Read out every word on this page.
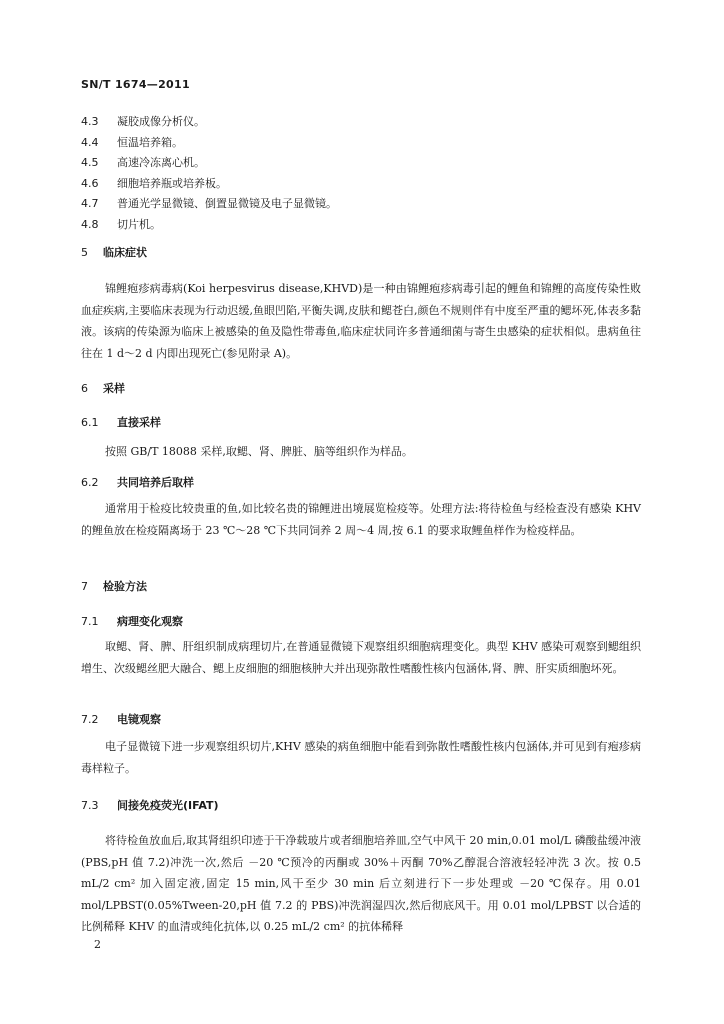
SN/T 1674—2011
4.3 凝胶成像分析仪。
4.4 恒温培养箱。
4.5 高速冷冻离心机。
4.6 细胞培养瓶或培养板。
4.7 普通光学显微镜、倒置显微镜及电子显微镜。
4.8 切片机。
5 临床症状
锦鲤疱疹病毒病(Koi herpesvirus disease,KHVD)是一种由锦鲤疱疹病毒引起的鲤鱼和锦鲤的高度传染性败血症疾病,主要临床表现为行动迟缓,鱼眼凹陷,平衡失调,皮肤和鳃苍白,颜色不规则伴有中度至严重的鳃坏死,体表多黏液。该病的传染源为临床上被感染的鱼及隐性带毒鱼,临床症状同许多普通细菌与寄生虫感染的症状相似。患病鱼往往在 1 d～2 d 内即出现死亡(参见附录 A)。
6 采样
6.1 直接采样
按照 GB/T 18088 采样,取鳃、肾、脾脏、脑等组织作为样品。
6.2 共同培养后取样
通常用于检疫比较贵重的鱼,如比较名贵的锦鲤进出境展览检疫等。处理方法:将待检鱼与经检查没有感染 KHV 的鲤鱼放在检疫隔离场于 23 ℃～28 ℃下共同饲养 2 周～4 周,按 6.1 的要求取鲤鱼样作为检疫样品。
7 检验方法
7.1 病理变化观察
取鳃、肾、脾、肝组织制成病理切片,在普通显微镜下观察组织细胞病理变化。典型 KHV 感染可观察到鳃组织增生、次级鳃丝肥大融合、鳃上皮细胞的细胞核肿大并出现弥散性嗜酸性核内包涵体,肾、脾、肝实质细胞坏死。
7.2 电镜观察
电子显微镜下进一步观察组织切片,KHV 感染的病鱼细胞中能看到弥散性嗜酸性核内包涵体,并可见到有疱疹病毒样粒子。
7.3 间接免疫荧光(IFAT)
将待检鱼放血后,取其肾组织印迹于干净载玻片或者细胞培养皿,空气中风干 20 min,0.01 mol/L 磷酸盐缓冲液(PBS,pH 值 7.2)冲洗一次,然后 －20 ℃预冷的丙酮或 30%＋丙酮 70%乙醇混合溶液轻轻冲洗 3 次。按 0.5 mL/2 cm² 加入固定液,固定 15 min,风干至少 30 min 后立刻进行下一步处理或 －20 ℃保存。用 0.01 mol/LPBST(0.05%Tween-20,pH 值 7.2 的 PBS)冲洗润湿四次,然后彻底风干。用 0.01 mol/LPBST 以合适的比例稀释 KHV 的血清或纯化抗体,以 0.25 mL/2 cm² 的抗体稀释
2
